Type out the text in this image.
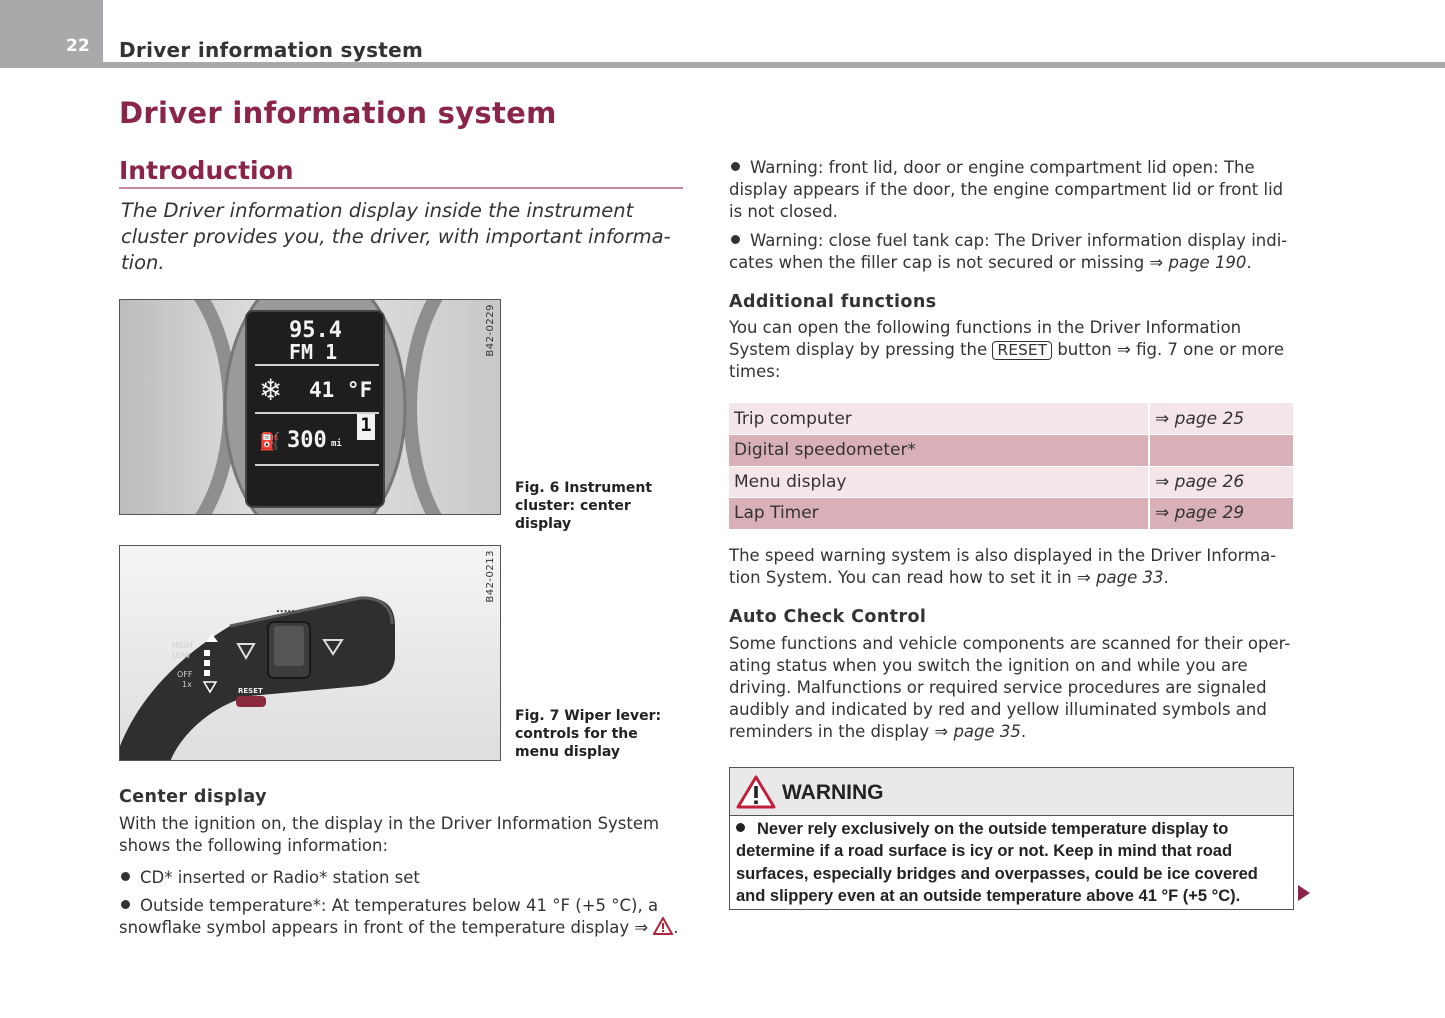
22 Driver information system
Driver information system
Introduction

The Driver information display inside the instrument cluster provides you, the driver, with important informa-tion.

95.4
FM 1
❄ 41 °F
⛽ 300 mi
1
B42-0229
Fig. 6 Instrument cluster: center display
HIGH
LOW
OFF
1x
RESET
.....
B42-0213
Fig. 7 Wiper lever: controls for the menu display
Center display

With the ignition on, the display in the Driver Information System shows the following information:

CD* inserted or Radio* station set
Outside temperature*: At temperatures below 41 °F (+5 °C), a snowflake symbol appears in front of the temperature display ⇒ .
Warning: front lid, door or engine compartment lid open: The display appears if the door, the engine compartment lid or front lid is not closed.
Warning: close fuel tank cap: The Driver information display indi-cates when the filler cap is not secured or missing ⇒ page 190.
Additional functions

You can open the following functions in the Driver Information System display by pressing the RESET button ⇒ fig. 7 one or more times:

Trip computer	⇒ page 25
Digital speedometer*	
Menu display	⇒ page 26
Lap Timer	⇒ page 29

The speed warning system is also displayed in the Driver Informa-tion System. You can read how to set it in ⇒ page 33.

Auto Check Control

Some functions and vehicle components are scanned for their oper-ating status when you switch the ignition on and while you are driving. Malfunctions or required service procedures are signaled audibly and indicated by red and yellow illuminated symbols and reminders in the display ⇒ page 35.

WARNING
Never rely exclusively on the outside temperature display to determine if a road surface is icy or not. Keep in mind that road surfaces, especially bridges and overpasses, could be ice covered and slippery even at an outside temperature above 41 °F (+5 °C).
